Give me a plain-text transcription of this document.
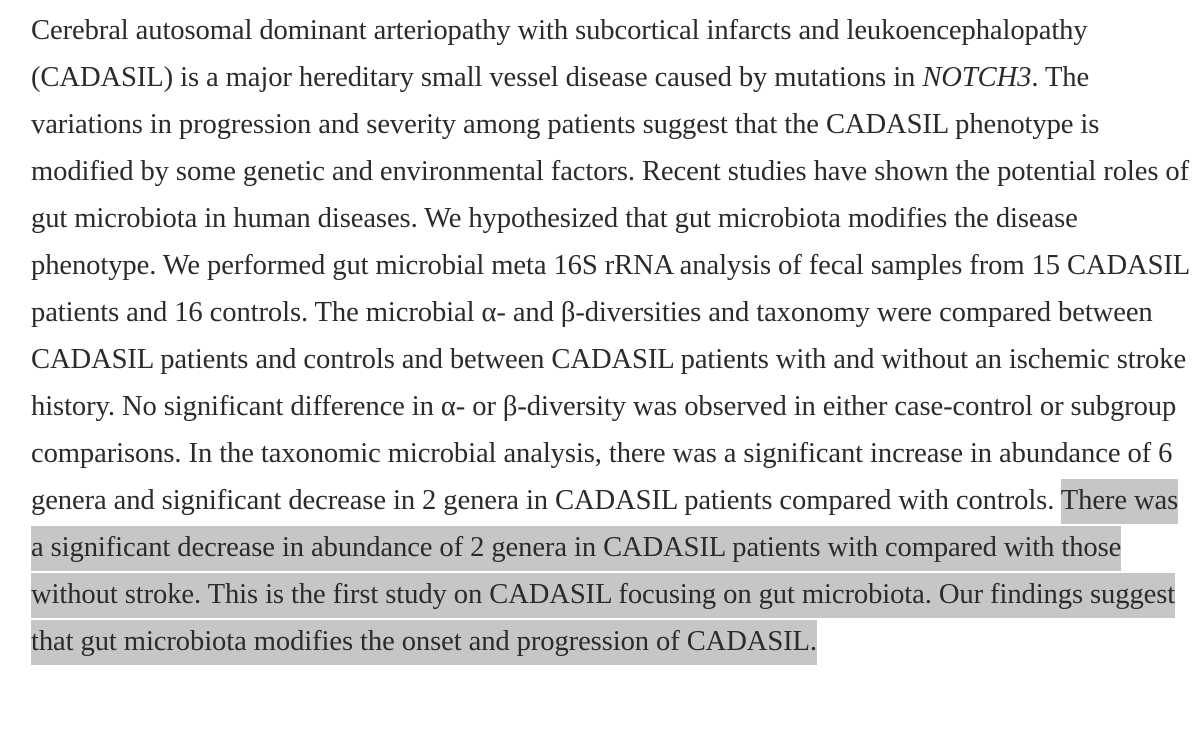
Cerebral autosomal dominant arteriopathy with subcortical infarcts and leukoencephalopathy (CADASIL) is a major hereditary small vessel disease caused by mutations in NOTCH3. The variations in progression and severity among patients suggest that the CADASIL phenotype is modified by some genetic and environmental factors. Recent studies have shown the potential roles of gut microbiota in human diseases. We hypothesized that gut microbiota modifies the disease phenotype. We performed gut microbial meta 16S rRNA analysis of fecal samples from 15 CADASIL patients and 16 controls. The microbial α- and β-diversities and taxonomy were compared between CADASIL patients and controls and between CADASIL patients with and without an ischemic stroke history. No significant difference in α- or β-diversity was observed in either case-control or subgroup comparisons. In the taxonomic microbial analysis, there was a significant increase in abundance of 6 genera and significant decrease in 2 genera in CADASIL patients compared with controls. There was a significant decrease in abundance of 2 genera in CADASIL patients with compared with those without stroke. This is the first study on CADASIL focusing on gut microbiota. Our findings suggest that gut microbiota modifies the onset and progression of CADASIL.
